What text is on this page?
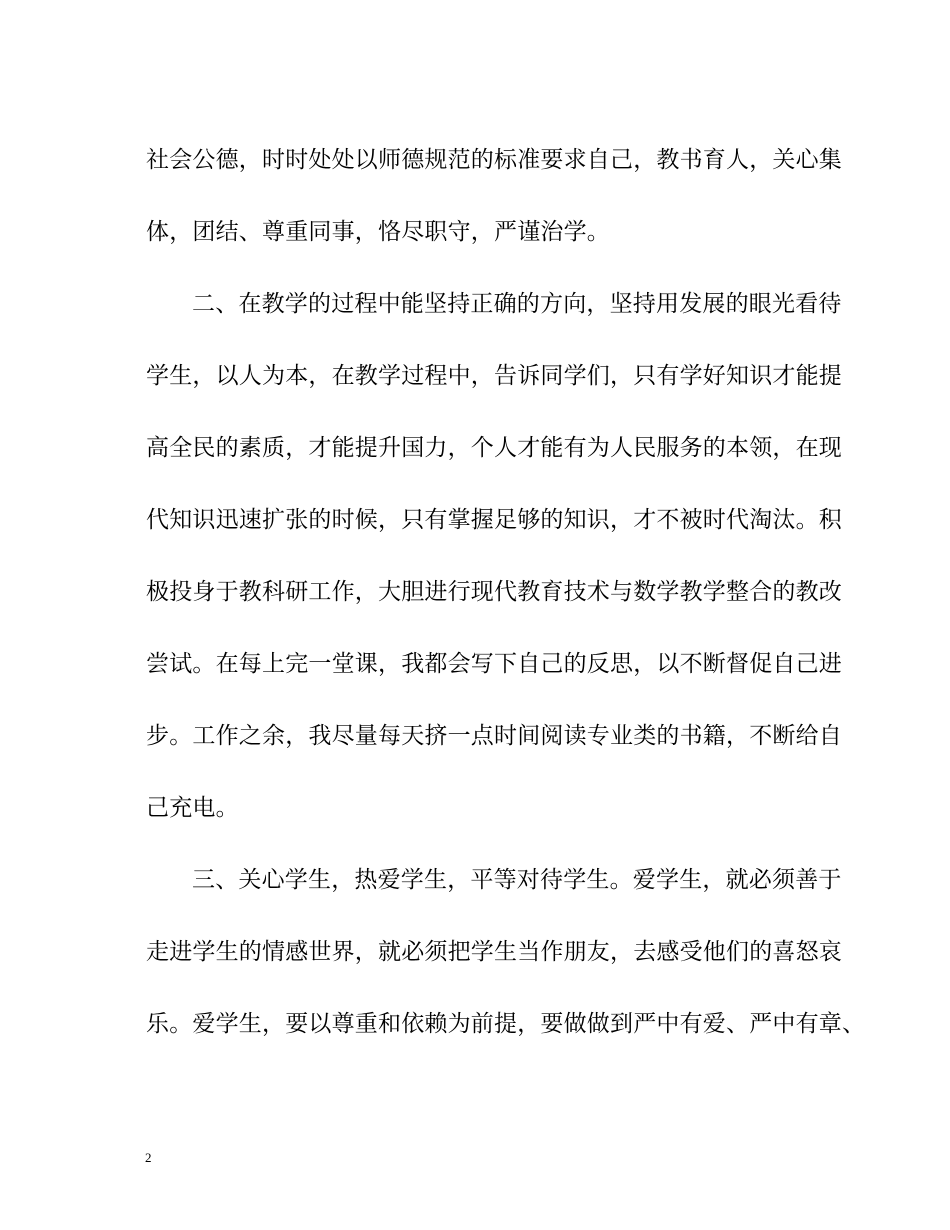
社会公德，时时处处以师德规范的标准要求自己，教书育人，关心集

体，团结、尊重同事，恪尽职守，严谨治学。

二、在教学的过程中能坚持正确的方向，坚持用发展的眼光看待

学生，以人为本，在教学过程中，告诉同学们，只有学好知识才能提

高全民的素质，才能提升国力，个人才能有为人民服务的本领，在现

代知识迅速扩张的时候，只有掌握足够的知识，才不被时代淘汰。积

极投身于教科研工作，大胆进行现代教育技术与数学教学整合的教改

尝试。在每上完一堂课，我都会写下自己的反思，以不断督促自己进

步。工作之余，我尽量每天挤一点时间阅读专业类的书籍，不断给自

己充电。

三、关心学生，热爱学生，平等对待学生。爱学生，就必须善于

走进学生的情感世界，就必须把学生当作朋友，去感受他们的喜怒哀

乐。爱学生，要以尊重和依赖为前提，要做做到严中有爱、严中有章、

2
